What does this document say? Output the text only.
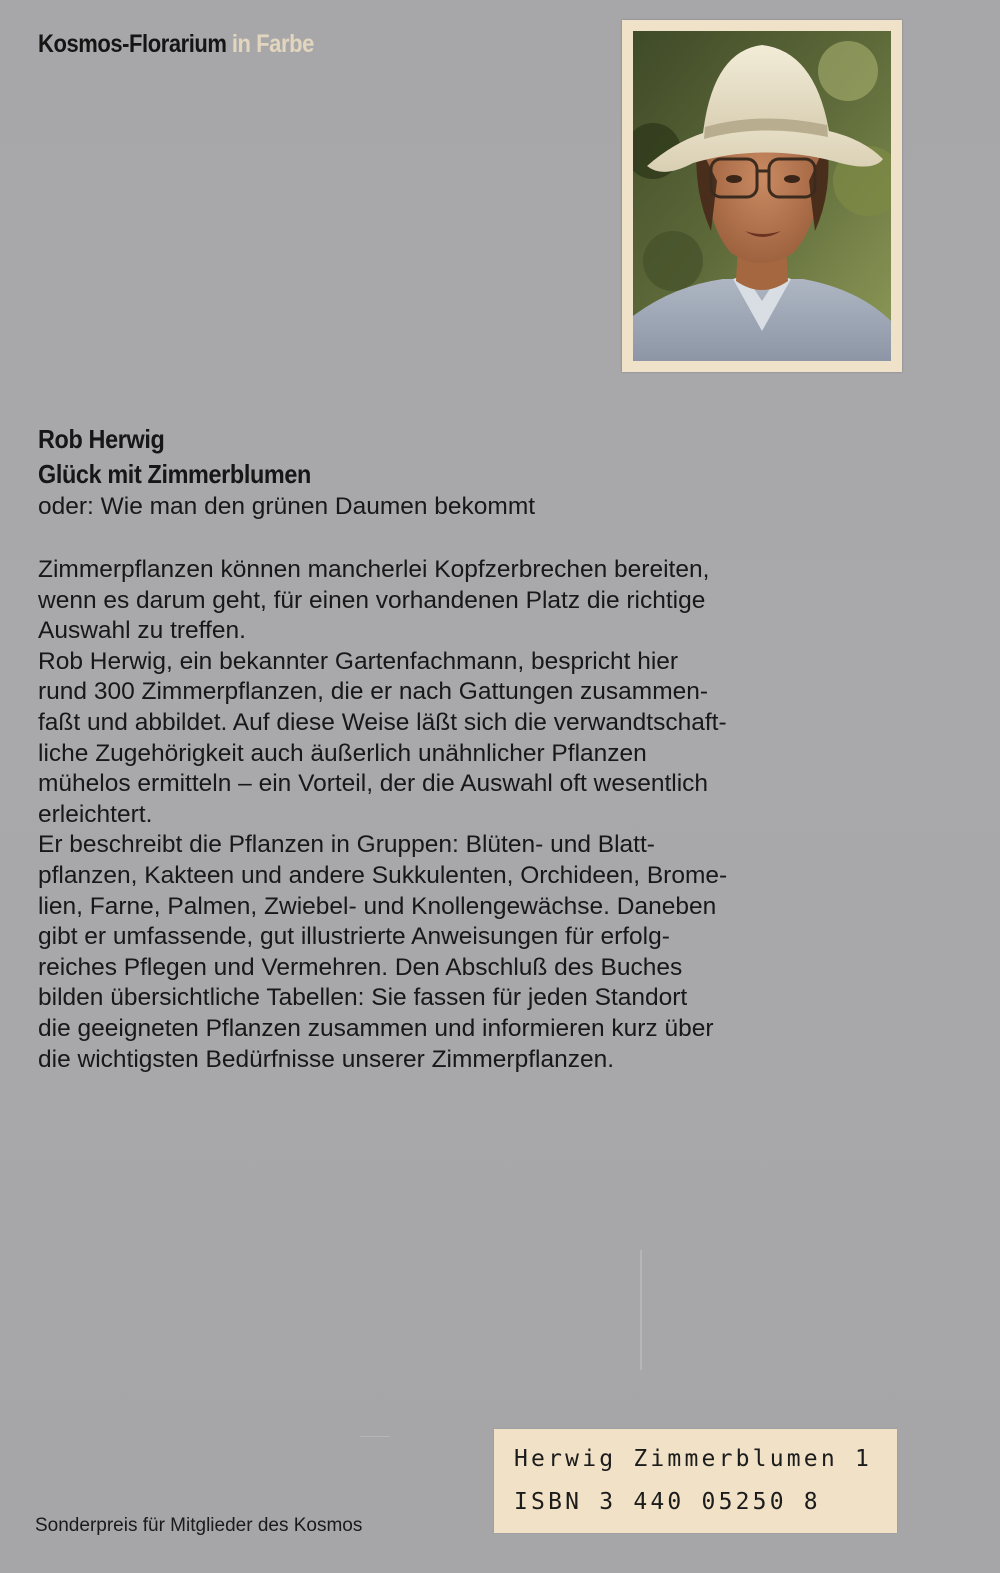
Kosmos-Florarium in Farbe
Rob Herwig
Glück mit Zimmerblumen
oder: Wie man den grünen Daumen bekommt
Zimmerpflanzen können mancherlei Kopfzerbrechen bereiten,
wenn es darum geht, für einen vorhandenen Platz die richtige
Auswahl zu treffen.
Rob Herwig, ein bekannter Gartenfachmann, bespricht hier
rund 300 Zimmerpflanzen, die er nach Gattungen zusammen-
faßt und abbildet. Auf diese Weise läßt sich die verwandtschaft-
liche Zugehörigkeit auch äußerlich unähnlicher Pflanzen
mühelos ermitteln – ein Vorteil, der die Auswahl oft wesentlich
erleichtert.
Er beschreibt die Pflanzen in Gruppen: Blüten- und Blatt-
pflanzen, Kakteen und andere Sukkulenten, Orchideen, Brome-
lien, Farne, Palmen, Zwiebel- und Knollengewächse. Daneben
gibt er umfassende, gut illustrierte Anweisungen für erfolg-
reiches Pflegen und Vermehren. Den Abschluß des Buches
bilden übersichtliche Tabellen: Sie fassen für jeden Standort
die geeigneten Pflanzen zusammen und informieren kurz über
die wichtigsten Bedürfnisse unserer Zimmerpflanzen.
Herwig Zimmerblumen 1
ISBN 3 440 05250 8
Sonderpreis für Mitglieder des Kosmos
